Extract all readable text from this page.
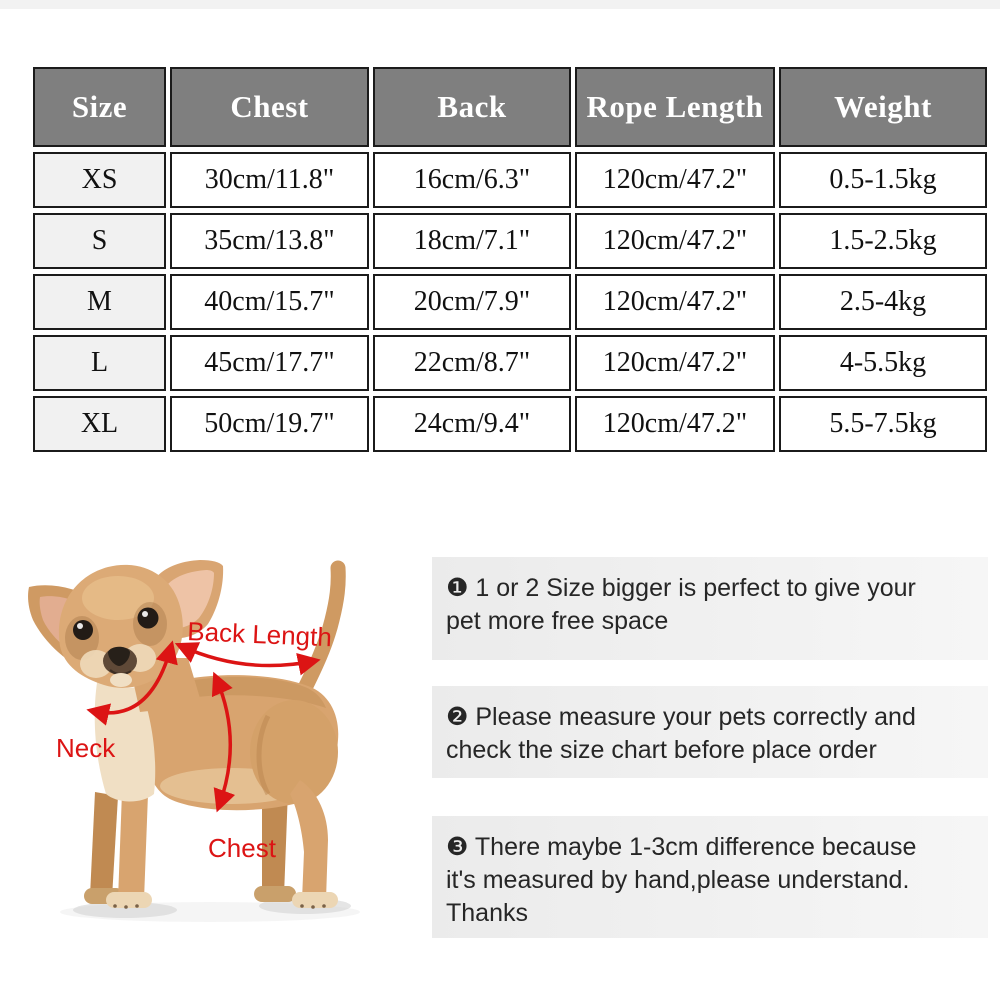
Size	Chest	Back	Rope Length	Weight
XS	30cm/11.8"	16cm/6.3"	120cm/47.2"	0.5-1.5kg
S	35cm/13.8"	18cm/7.1"	120cm/47.2"	1.5-2.5kg
M	40cm/15.7"	20cm/7.9"	120cm/47.2"	2.5-4kg
L	45cm/17.7"	22cm/8.7"	120cm/47.2"	4-5.5kg
XL	50cm/19.7"	24cm/9.4"	120cm/47.2"	5.5-7.5kg
Back Length
Neck
Chest
❶ 1 or 2 Size bigger is perfect to give your
pet more free space
❷ Please measure your pets correctly and
check the size chart before place order
❸ There maybe 1-3cm difference because
it's measured by hand,please understand.
Thanks
